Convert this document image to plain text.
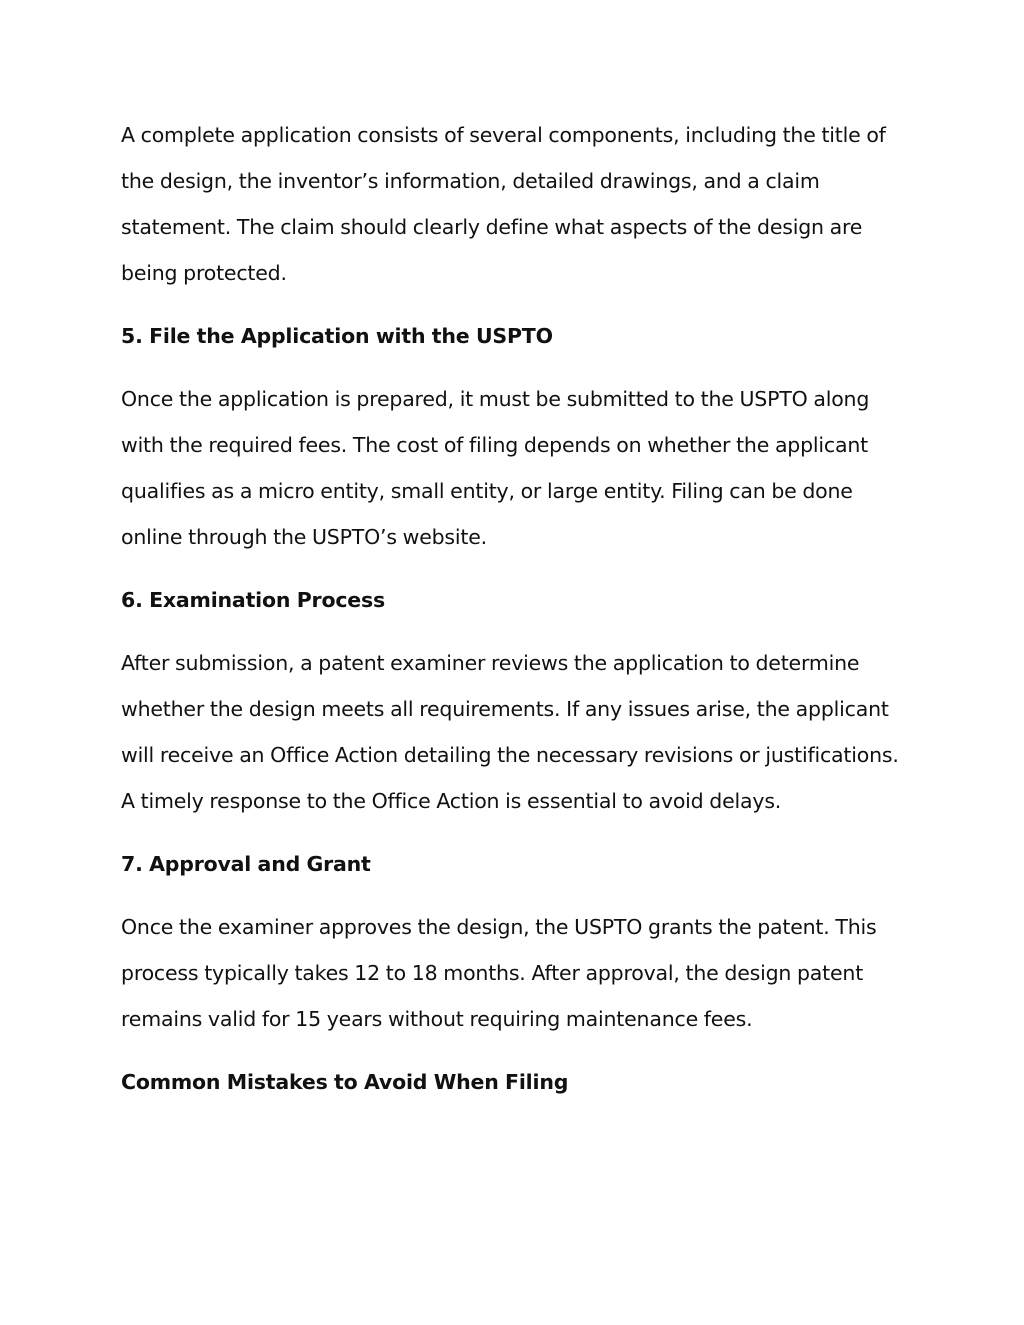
A complete application consists of several components, including the title of the design, the inventor’s information, detailed drawings, and a claim statement. The claim should clearly define what aspects of the design are being protected.

5. File the Application with the USPTO

Once the application is prepared, it must be submitted to the USPTO along with the required fees. The cost of filing depends on whether the applicant qualifies as a micro entity, small entity, or large entity. Filing can be done online through the USPTO’s website.

6. Examination Process

After submission, a patent examiner reviews the application to determine whether the design meets all requirements. If any issues arise, the applicant will receive an Office Action detailing the necessary revisions or justifications. A timely response to the Office Action is essential to avoid delays.

7. Approval and Grant

Once the examiner approves the design, the USPTO grants the patent. This process typically takes 12 to 18 months. After approval, the design patent remains valid for 15 years without requiring maintenance fees.

Common Mistakes to Avoid When Filing
